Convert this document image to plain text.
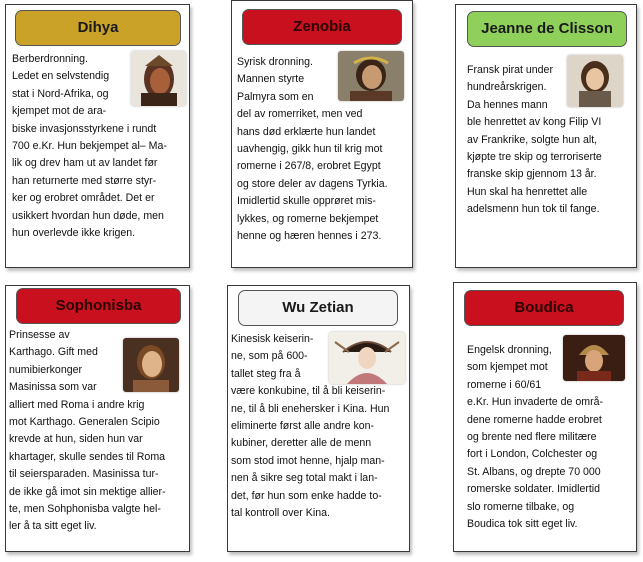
Dihya

Berberdronning.
Ledet en selvstendig
stat i Nord-Afrika, og
kjempet mot de ara-
biske invasjonsstyrkene i rundt
700 e.Kr. Hun bekjempet al– Ma-
lik og drev ham ut av landet før
han returnerte med større styr-
ker og erobret området. Det er
usikkert hvordan hun døde, men
hun overlevde ikke krigen.

Zenobia

Syrisk dronning.
Mannen styrte
Palmyra som en
del av romerriket, men ved
hans død erklærte hun landet
uavhengig, gikk hun til krig mot
romerne i 267/8, erobret Egypt
og store deler av dagens Tyrkia.
Imidlertid skulle opprøret mis-
lykkes, og romerne bekjempet
henne og hæren hennes i 273.

Jeanne de Clisson

Fransk pirat under
hundreårskrigen.
Da hennes mann
ble henrettet av kong Filip VI
av Frankrike, solgte hun alt,
kjøpte tre skip og terroriserte
franske skip gjennom 13 år.
Hun skal ha henrettet alle
adelsmenn hun tok til fange.

Sophonisba

Prinsesse av
Karthago. Gift med
numibierkonger
Masinissa som var
alliert med Roma i andre krig
mot Karthago. Generalen Scipio
krevde at hun, siden hun var
khartager, skulle sendes til Roma
til seiersparaden. Masinissa tur-
de ikke gå imot sin mektige allier-
te, men Sohphonisba valgte hel-
ler å ta sitt eget liv.

Wu Zetian

Kinesisk keiserin-
ne, som på 600-
tallet steg fra å
være konkubine, til å bli keiserin-
ne, til å bli enehersker i Kina. Hun
eliminerte først alle andre kon-
kubiner, deretter alle de menn
som stod imot henne, hjalp man-
nen å sikre seg total makt i lan-
det, før hun som enke hadde to-
tal kontroll over Kina.

Boudica

Engelsk dronning,
som kjempet mot
romerne i 60/61
e.Kr. Hun invaderte de områ-
dene romerne hadde erobret
og brente ned flere militære
fort i London, Colchester og
St. Albans, og drepte 70 000
romerske soldater. Imidlertid
slo romerne tilbake, og
Boudica tok sitt eget liv.
